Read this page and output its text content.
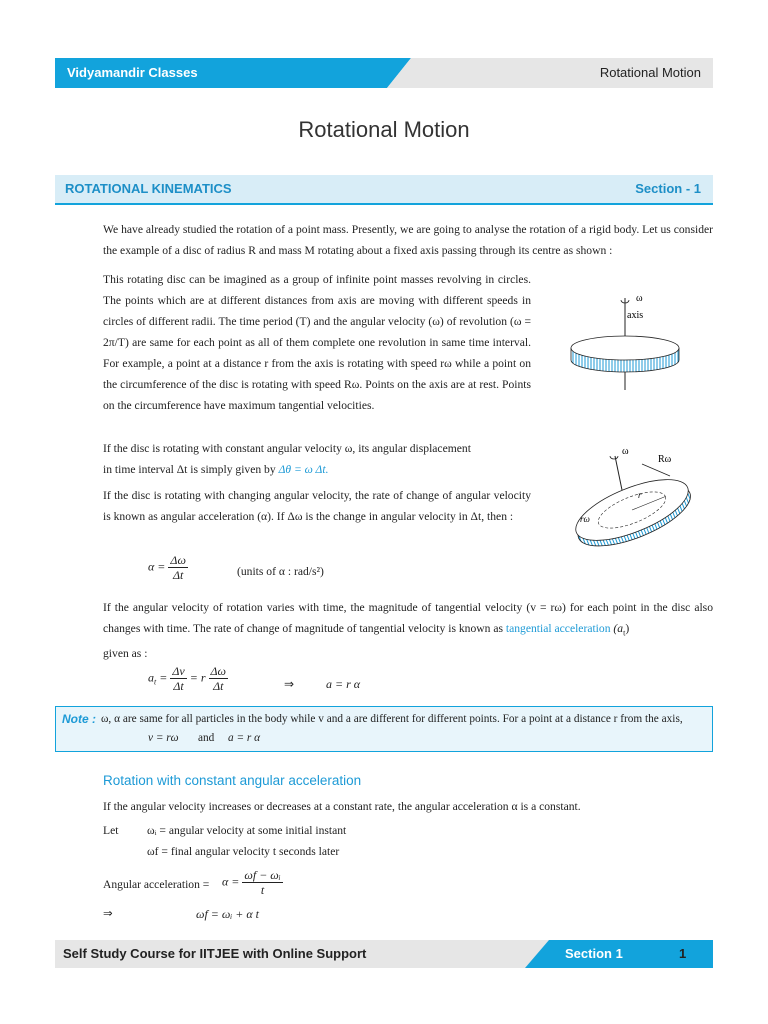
Vidyamandir Classes	Rotational Motion
Rotational Motion
ROTATIONAL KINEMATICS	Section - 1

We have already studied the rotation of a point mass. Presently, we are going to analyse the rotation of a rigid body. Let us consider the example of a disc of radius R and mass M rotating about a fixed axis passing through its centre as shown :

This rotating disc can be imagined as a group of infinite point masses revolving in circles. The points which are at different distances from axis are moving with different speeds in circles of different radii. The time period (T) and the angular velocity (ω) of revolution (ω = 2π/T) are same for each point as all of them complete one revolution in same time interval. For example, a point at a distance r from the axis is rotating with speed rω while a point on the circumference of the disc is rotating with speed Rω. Points on the axis are at rest. Points on the circumference have maximum tangential velocities.

ω
axis

If the disc is rotating with constant angular velocity ω, its angular displacement
in time interval Δt is simply given by Δθ = ω Δt.

If the disc is rotating with changing angular velocity, the rate of change of angular velocity is known as angular acceleration (α). If Δω is the change in angular velocity in Δt, then :

ω
Rω
rω
r
$\alpha = \frac{\Delta\omega}{\Delta t}$	(units of α : rad/s²)

If the angular velocity of rotation varies with time, the magnitude of tangential velocity (v = rω) for each point in the disc also changes with time. The rate of change of magnitude of tangential velocity is known as tangential acceleration $(a_t)$
given as :

$a_t = \frac{\Delta v}{\Delta t} = r \frac{\Delta\omega}{\Delta t}$	⇒	a = r α
Note : ω, α are same for all particles in the body while v and a are different for different points. For a point at a distance r from the axis,
v = rω and a = r α
Rotation with constant angular acceleration

If the angular velocity increases or decreases at a constant rate, the angular acceleration α is a constant.

Let ωᵢ = angular velocity at some initial instant
ωf = final angular velocity t seconds later
Angular acceleration = $\alpha = \frac{\text{ωf − ωᵢ}}{t}$
⇒	ωf = ωᵢ + α t
Self Study Course for IITJEE with Online Support	Section 1	1
